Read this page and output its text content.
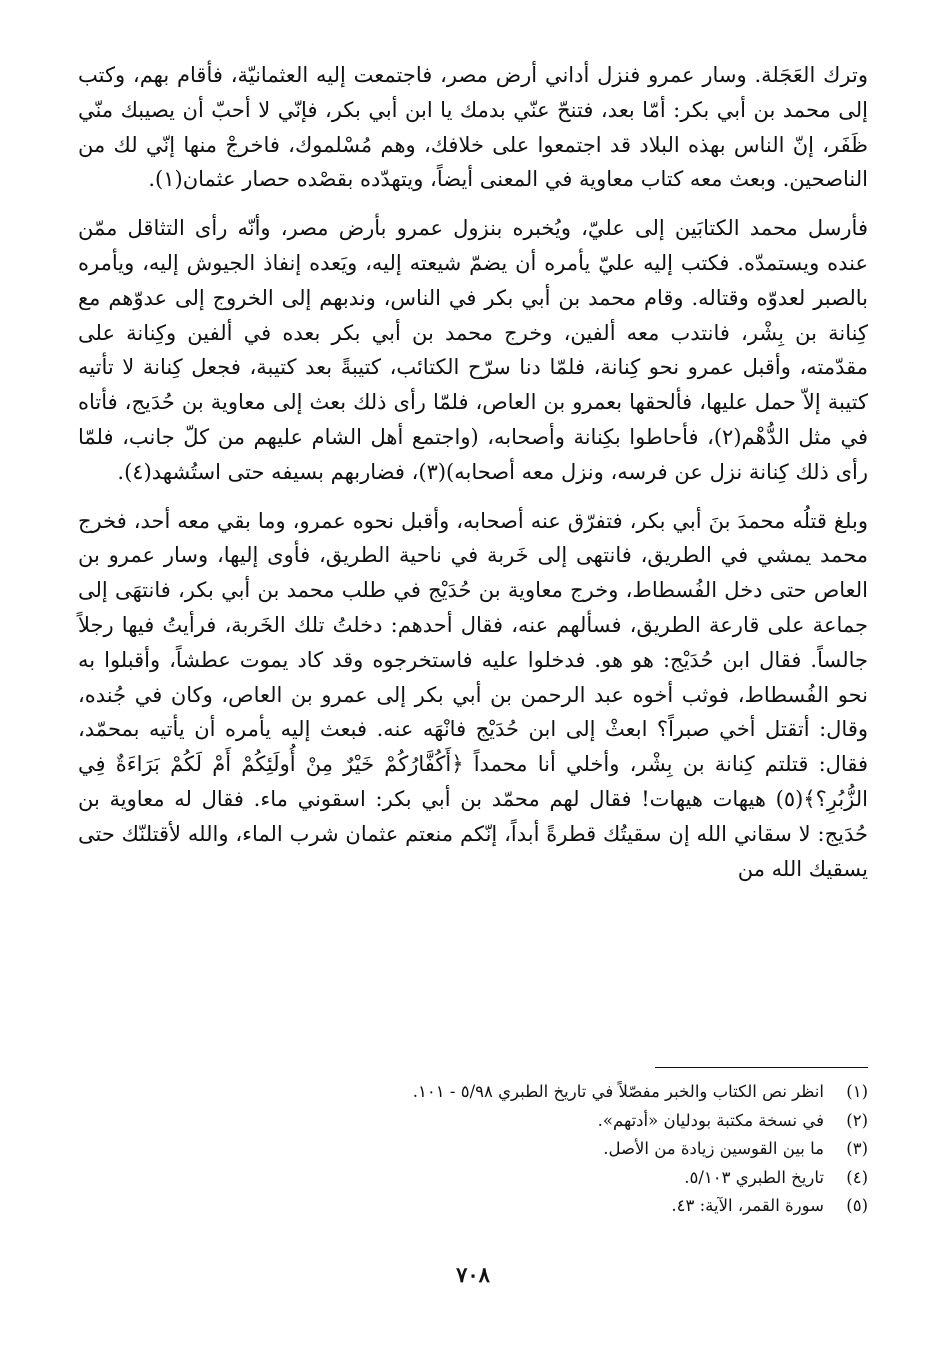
وترك العَجَلة. وسار عمرو فنزل أداني أرض مصر، فاجتمعت إليه العثمانيّة، فأقام بهم، وكتب إلى محمد بن أبي بكر: أمّا بعد، فتنحّ عنّي بدمك يا ابن أبي بكر، فإنّي لا أحبّ أن يصيبك منّي ظَفَر، إنّ الناس بهذه البلاد قد اجتمعوا على خلافك، وهم مُسْلموك، فاخرجْ منها إنّي لك من الناصحين. وبعث معه كتاب معاوية في المعنى أيضاً، ويتهدّده بقصْده حصار عثمان(١).

فأرسل محمد الكتابَين إلى عليّ، ويُخبره بنزول عمرو بأرض مصر، وأنّه رأى التثاقل ممّن عنده ويستمدّه. فكتب إليه عليّ يأمره أن يضمّ شيعته إليه، ويَعده إنفاذ الجيوش إليه، ويأمره بالصبر لعدوّه وقتاله. وقام محمد بن أبي بكر في الناس، وندبهم إلى الخروج إلى عدوّهم مع كِنانة بن بِشْر، فانتدب معه ألفين، وخرج محمد بن أبي بكر بعده في ألفين وكِنانة على مقدّمته، وأقبل عمرو نحو كِنانة، فلمّا دنا سرّح الكتائب، كتيبةً بعد كتيبة، فجعل كِنانة لا تأتيه كتيبة إلاّ حمل عليها، فألحقها بعمرو بن العاص، فلمّا رأى ذلك بعث إلى معاوية بن حُدَيج، فأتاه في مثل الدُّهْم(٢)، فأحاطوا بكِنانة وأصحابه، (واجتمع أهل الشام عليهم من كلّ جانب، فلمّا رأى ذلك كِنانة نزل عن فرسه، ونزل معه أصحابه)(٣)، فضاربهم بسيفه حتى استُشهد(٤).

وبلغ قتلُه محمدَ بنَ أبي بكر، فتفرّق عنه أصحابه، وأقبل نحوه عمرو، وما بقي معه أحد، فخرج محمد يمشي في الطريق، فانتهى إلى خَربة في ناحية الطريق، فأوى إليها، وسار عمرو بن العاص حتى دخل الفُسطاط، وخرج معاوية بن حُدَيْج في طلب محمد بن أبي بكر، فانتهَى إلى جماعة على قارعة الطريق، فسألهم عنه، فقال أحدهم: دخلتُ تلك الخَربة، فرأيتُ فيها رجلاً جالساً. فقال ابن حُدَيْج: هو هو. فدخلوا عليه فاستخرجوه وقد كاد يموت عطشاً، وأقبلوا به نحو الفُسطاط، فوثب أخوه عبد الرحمن بن أبي بكر إلى عمرو بن العاص، وكان في جُنده، وقال: أتقتل أخي صبراً؟ ابعثْ إلى ابن حُدَيْج فانْهَه عنه. فبعث إليه يأمره أن يأتيه بمحمّد، فقال: قتلتم كِنانة بن بِشْر، وأخلي أنا محمداً ﴿أَكُفَّارُكُمْ خَيْرٌ مِنْ أُولَئِكُمْ أَمْ لَكُمْ بَرَاءَةٌ فِي الزُّبُرِ؟﴾(٥) هيهات هيهات! فقال لهم محمّد بن أبي بكر: اسقوني ماء. فقال له معاوية بن حُدَيج: لا سقاني الله إن سقيتُك قطرةً أبداً، إنّكم منعتم عثمان شرب الماء، والله لأقتلنّك حتى يسقيك الله من

(١)
انظر نص الكتاب والخبر مفصّلاً في تاريخ الطبري ٥/٩٨ - ١٠١.
(٢)
في نسخة مكتبة بودليان «أدتهم».
(٣)
ما بين القوسين زيادة من الأصل.
(٤)
تاريخ الطبري ٥/١٠٣.
(٥)
سورة القمر، الآية: ٤٣.
٧٠٨
